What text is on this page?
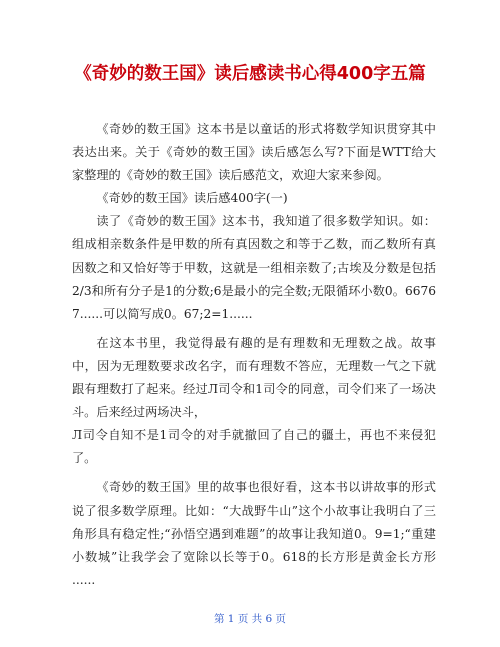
《奇妙的数王国》读后感读书心得400字五篇

《奇妙的数王国》这本书是以童话的形式将数学知识贯穿其中表达出来。关于《奇妙的数王国》读后感怎么写?下面是WTT给大家整理的《奇妙的数王国》读后感范文，欢迎大家来参阅。

《奇妙的数王国》读后感400字(一)

读了《奇妙的数王国》这本书，我知道了很多数学知识。如：组成相亲数条件是甲数的所有真因数之和等于乙数，而乙数所有真因数之和又恰好等于甲数，这就是一组相亲数了;古埃及分数是包括2/3和所有分子是1的分数;6是最小的完全数;无限循环小数0。66767......可以简写成0。67;2=1......

在这本书里，我觉得最有趣的是有理数和无理数之战。故事中，因为无理数要求改名字，而有理数不答应，无理数一气之下就跟有理数打了起来。经过Л司令和1司令的同意，司令们来了一场决斗。后来经过两场决斗，

Л司令自知不是1司令的对手就撤回了自己的疆土，再也不来侵犯了。

《奇妙的数王国》里的故事也很好看，这本书以讲故事的形式说了很多数学原理。比如：“大战野牛山”这个小故事让我明白了三角形具有稳定性;“孙悟空遇到难题”的故事让我知道0。9=1;“重建小数城”让我学会了宽除以长等于0。618的长方形是黄金长方形 ......

第 1 页 共 6 页
